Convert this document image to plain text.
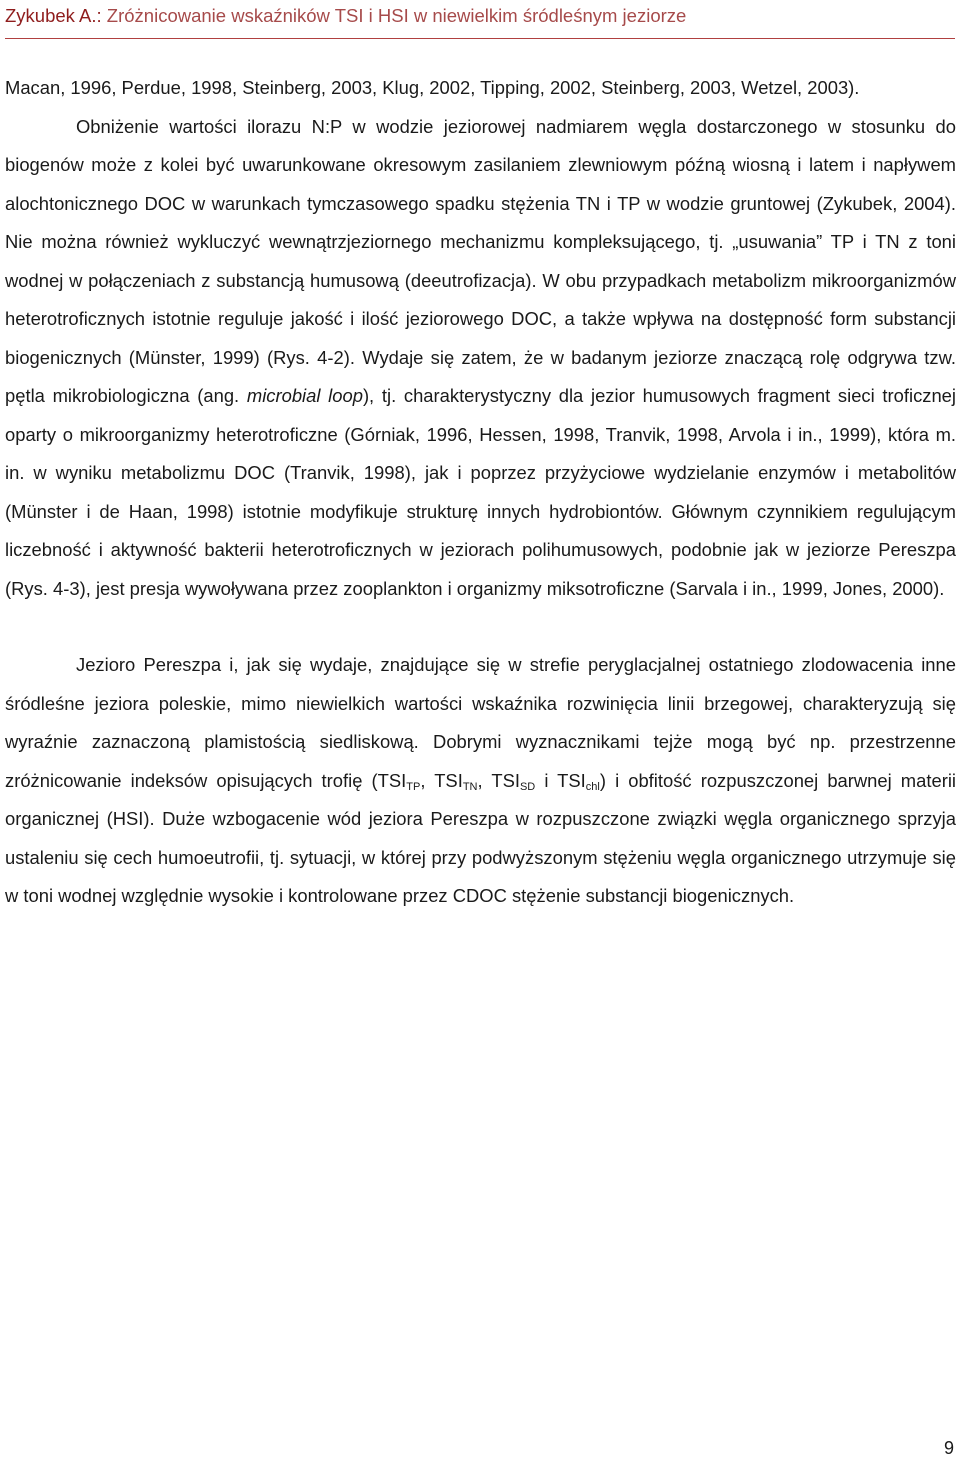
Zykubek A.: Zróżnicowanie wskaźników TSI i HSI w niewielkim śródleśnym jeziorze

Macan, 1996, Perdue, 1998, Steinberg, 2003, Klug, 2002, Tipping, 2002, Steinberg, 2003, Wetzel, 2003).

Obniżenie wartości ilorazu N:P w wodzie jeziorowej nadmiarem węgla dostarczonego w stosunku do biogenów może z kolei być uwarunkowane okresowym zasilaniem zlewniowym późną wiosną i latem i napływem alochtonicznego DOC w warunkach tymczasowego spadku stężenia TN i TP w wodzie gruntowej (Zykubek, 2004). Nie można również wykluczyć wewnątrzjeziornego mechanizmu kompleksującego, tj. „usuwania” TP i TN z toni wodnej w połączeniach z substancją humusową (deeutrofizacja). W obu przypadkach metabolizm mikroorganizmów heterotroficznych istotnie reguluje jakość i ilość jeziorowego DOC, a także wpływa na dostępność form substancji biogenicznych (Münster, 1999) (Rys. 4-2). Wydaje się zatem, że w badanym jeziorze znaczącą rolę odgrywa tzw. pętla mikrobiologiczna (ang. microbial loop), tj. charakterystyczny dla jezior humusowych fragment sieci troficznej oparty o mikroorganizmy heterotroficzne (Górniak, 1996, Hessen, 1998, Tranvik, 1998, Arvola i in., 1999), która m. in. w wyniku metabolizmu DOC (Tranvik, 1998), jak i poprzez przyżyciowe wydzielanie enzymów i metabolitów (Münster i de Haan, 1998) istotnie modyfikuje strukturę innych hydrobiontów. Głównym czynnikiem regulującym liczebność i aktywność bakterii heterotroficznych w jeziorach polihumusowych, podobnie jak w jeziorze Pereszpa (Rys. 4-3), jest presja wywoływana przez zooplankton i organizmy miksotroficzne (Sarvala i in., 1999, Jones, 2000).

Jezioro Pereszpa i, jak się wydaje, znajdujące się w strefie peryglacjalnej ostatniego zlodowacenia inne śródleśne jeziora poleskie, mimo niewielkich wartości wskaźnika rozwinięcia linii brzegowej, charakteryzują się wyraźnie zaznaczoną plamistością siedliskową. Dobrymi wyznacznikami tejże mogą być np. przestrzenne zróżnicowanie indeksów opisujących trofię ($TSI_{TP}$, $TSI_{TN}$, $TSI_{SD}$ i $TSI_{chl}$) i obfitość rozpuszczonej barwnej materii organicznej (HSI). Duże wzbogacenie wód jeziora Pereszpa w rozpuszczone związki węgla organicznego sprzyja ustaleniu się cech humoeutrofii, tj. sytuacji, w której przy podwyższonym stężeniu węgla organicznego utrzymuje się w toni wodnej względnie wysokie i kontrolowane przez CDOC stężenie substancji biogenicznych.

9
